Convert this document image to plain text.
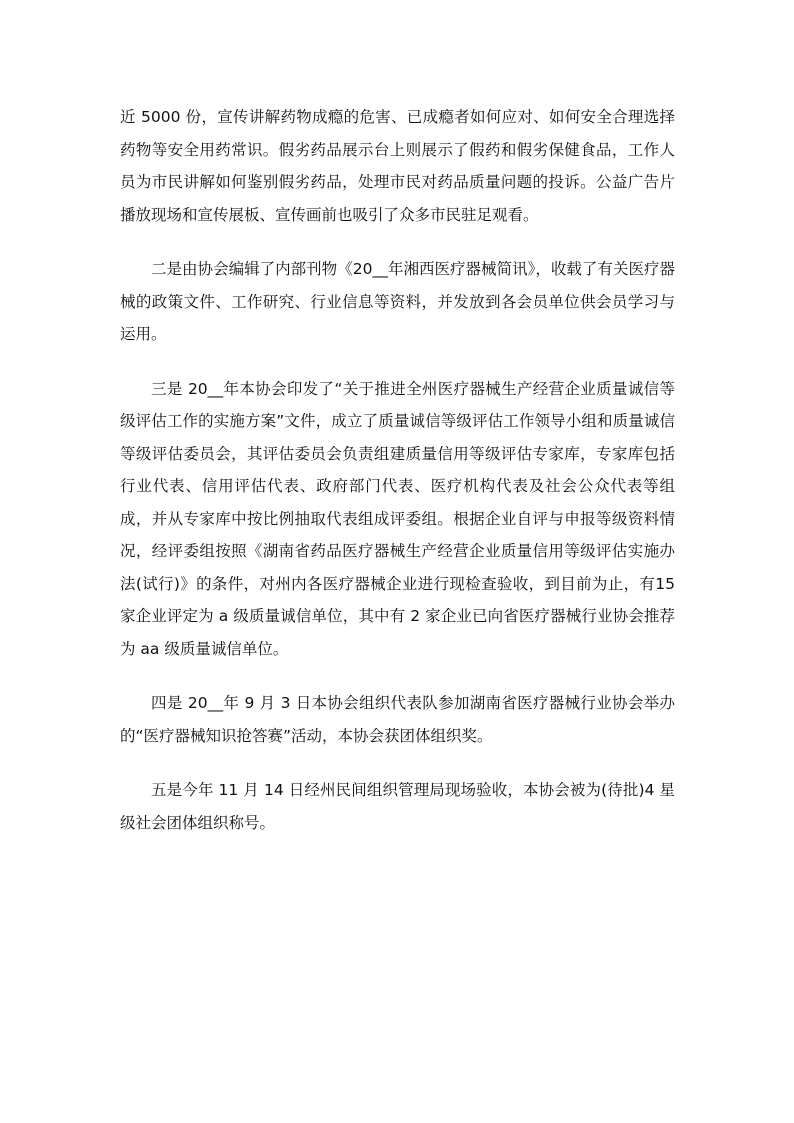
近 5000 份，宣传讲解药物成瘾的危害、已成瘾者如何应对、如何安全合理选择药物等安全用药常识。假劣药品展示台上则展示了假药和假劣保健食品，工作人员为市民讲解如何鉴别假劣药品，处理市民对药品质量问题的投诉。公益广告片播放现场和宣传展板、宣传画前也吸引了众多市民驻足观看。

二是由协会编辑了内部刊物《20__年湘西医疗器械简讯》，收载了有关医疗器械的政策文件、工作研究、行业信息等资料，并发放到各会员单位供会员学习与运用。

三是 20__年本协会印发了“关于推进全州医疗器械生产经营企业质量诚信等级评估工作的实施方案”文件，成立了质量诚信等级评估工作领导小组和质量诚信等级评估委员会，其评估委员会负责组建质量信用等级评估专家库，专家库包括行业代表、信用评估代表、政府部门代表、医疗机构代表及社会公众代表等组成，并从专家库中按比例抽取代表组成评委组。根据企业自评与申报等级资料情况，经评委组按照《湖南省药品医疗器械生产经营企业质量信用等级评估实施办法(试行)》的条件，对州内各医疗器械企业进行现检查验收，到目前为止，有15 家企业评定为 a 级质量诚信单位，其中有 2 家企业已向省医疗器械行业协会推荐为 aa 级质量诚信单位。

四是 20__年 9 月 3 日本协会组织代表队参加湖南省医疗器械行业协会举办的“医疗器械知识抢答赛”活动，本协会获团体组织奖。

五是今年 11 月 14 日经州民间组织管理局现场验收，本协会被为(待批)4 星级社会团体组织称号。
